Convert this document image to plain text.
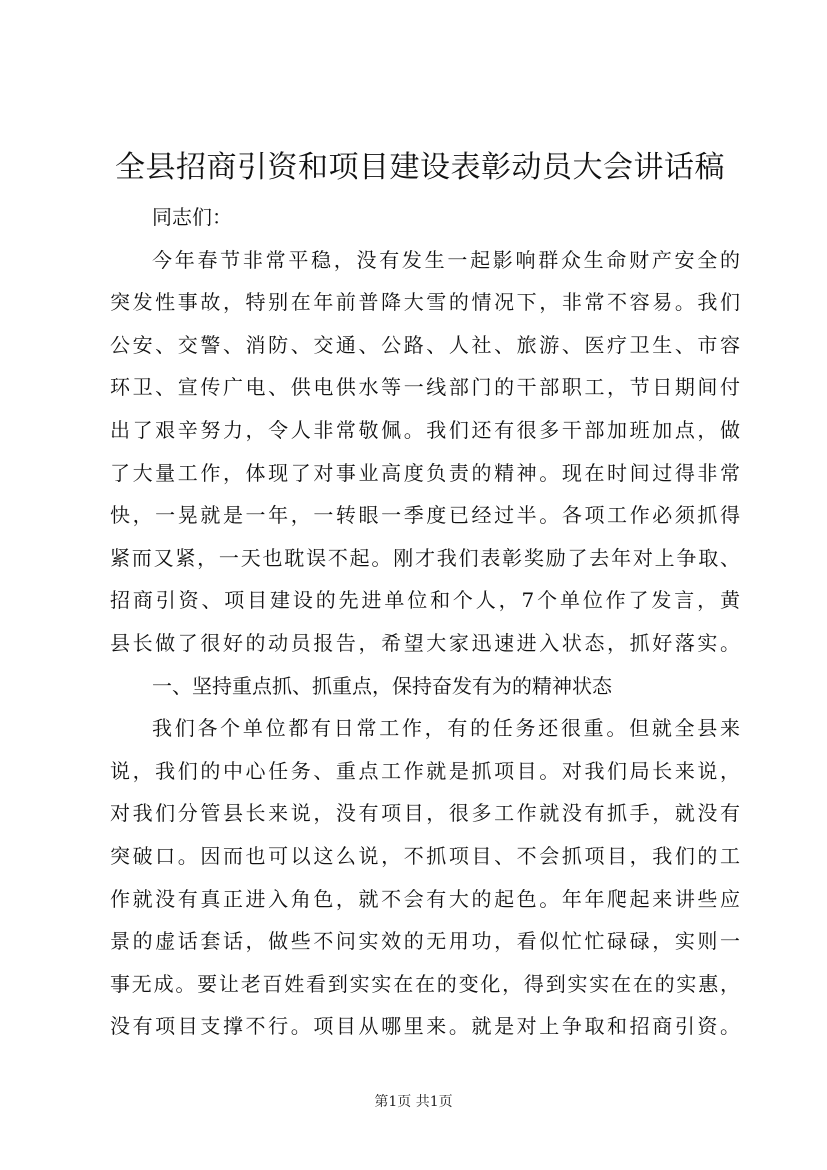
全县招商引资和项目建设表彰动员大会讲话稿

同志们：

今年春节非常平稳，没有发生一起影响群众生命财产安全的

突发性事故，特别在年前普降大雪的情况下，非常不容易。我们

公安、交警、消防、交通、公路、人社、旅游、医疗卫生、市容

环卫、宣传广电、供电供水等一线部门的干部职工，节日期间付

出了艰辛努力，令人非常敬佩。我们还有很多干部加班加点，做

了大量工作，体现了对事业高度负责的精神。现在时间过得非常

快，一晃就是一年，一转眼一季度已经过半。各项工作必须抓得

紧而又紧，一天也耽误不起。刚才我们表彰奖励了去年对上争取、

招商引资、项目建设的先进单位和个人，7个单位作了发言，黄

县长做了很好的动员报告，希望大家迅速进入状态，抓好落实。

一、坚持重点抓、抓重点，保持奋发有为的精神状态

我们各个单位都有日常工作，有的任务还很重。但就全县来

说，我们的中心任务、重点工作就是抓项目。对我们局长来说，

对我们分管县长来说，没有项目，很多工作就没有抓手，就没有

突破口。因而也可以这么说，不抓项目、不会抓项目，我们的工

作就没有真正进入角色，就不会有大的起色。年年爬起来讲些应

景的虚话套话，做些不问实效的无用功，看似忙忙碌碌，实则一

事无成。要让老百姓看到实实在在的变化，得到实实在在的实惠，

没有项目支撑不行。项目从哪里来。就是对上争取和招商引资。

第1页 共1页
